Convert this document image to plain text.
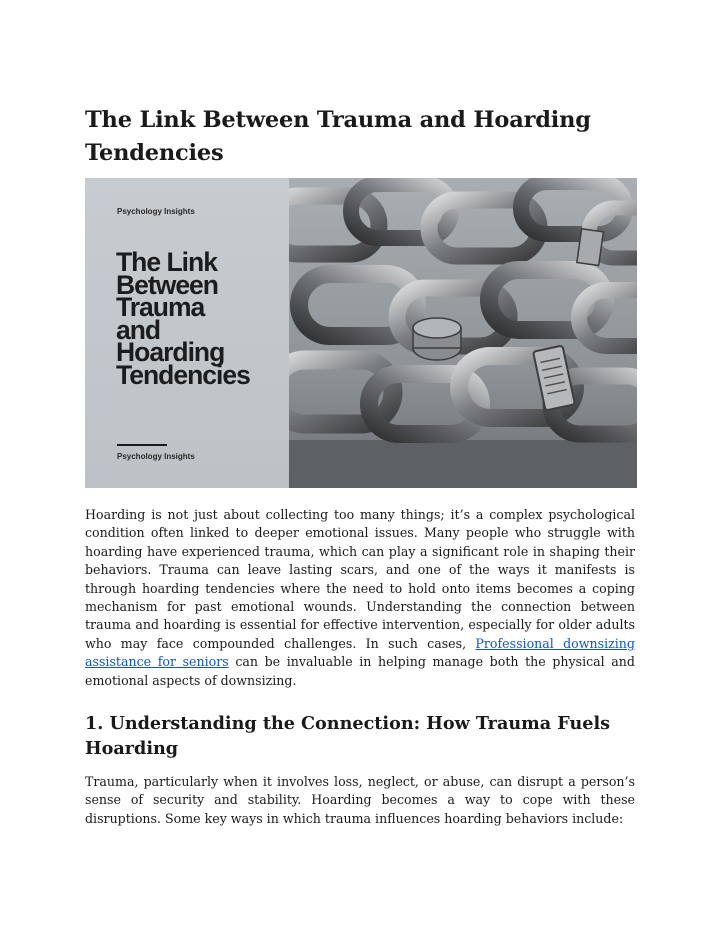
The Link Between Trauma and Hoarding Tendencies
Psychology Insights
The Link
Between
Trauma
and
Hoarding
Tendencies
Psychology Insights

Hoarding is not just about collecting too many things; it’s a complex psychological condition often linked to deeper emotional issues. Many people who struggle with hoarding have experienced trauma, which can play a significant role in shaping their behaviors. Trauma can leave lasting scars, and one of the ways it manifests is through hoarding tendencies where the need to hold onto items becomes a coping mechanism for past emotional wounds. Understanding the connection between trauma and hoarding is essential for effective intervention, especially for older adults who may face compounded challenges. In such cases, Professional downsizing assistance for seniors can be invaluable in helping manage both the physical and emotional aspects of downsizing.

1. Understanding the Connection: How Trauma Fuels Hoarding

Trauma, particularly when it involves loss, neglect, or abuse, can disrupt a person’s sense of security and stability. Hoarding becomes a way to cope with these disruptions. Some key ways in which trauma influences hoarding behaviors include:
